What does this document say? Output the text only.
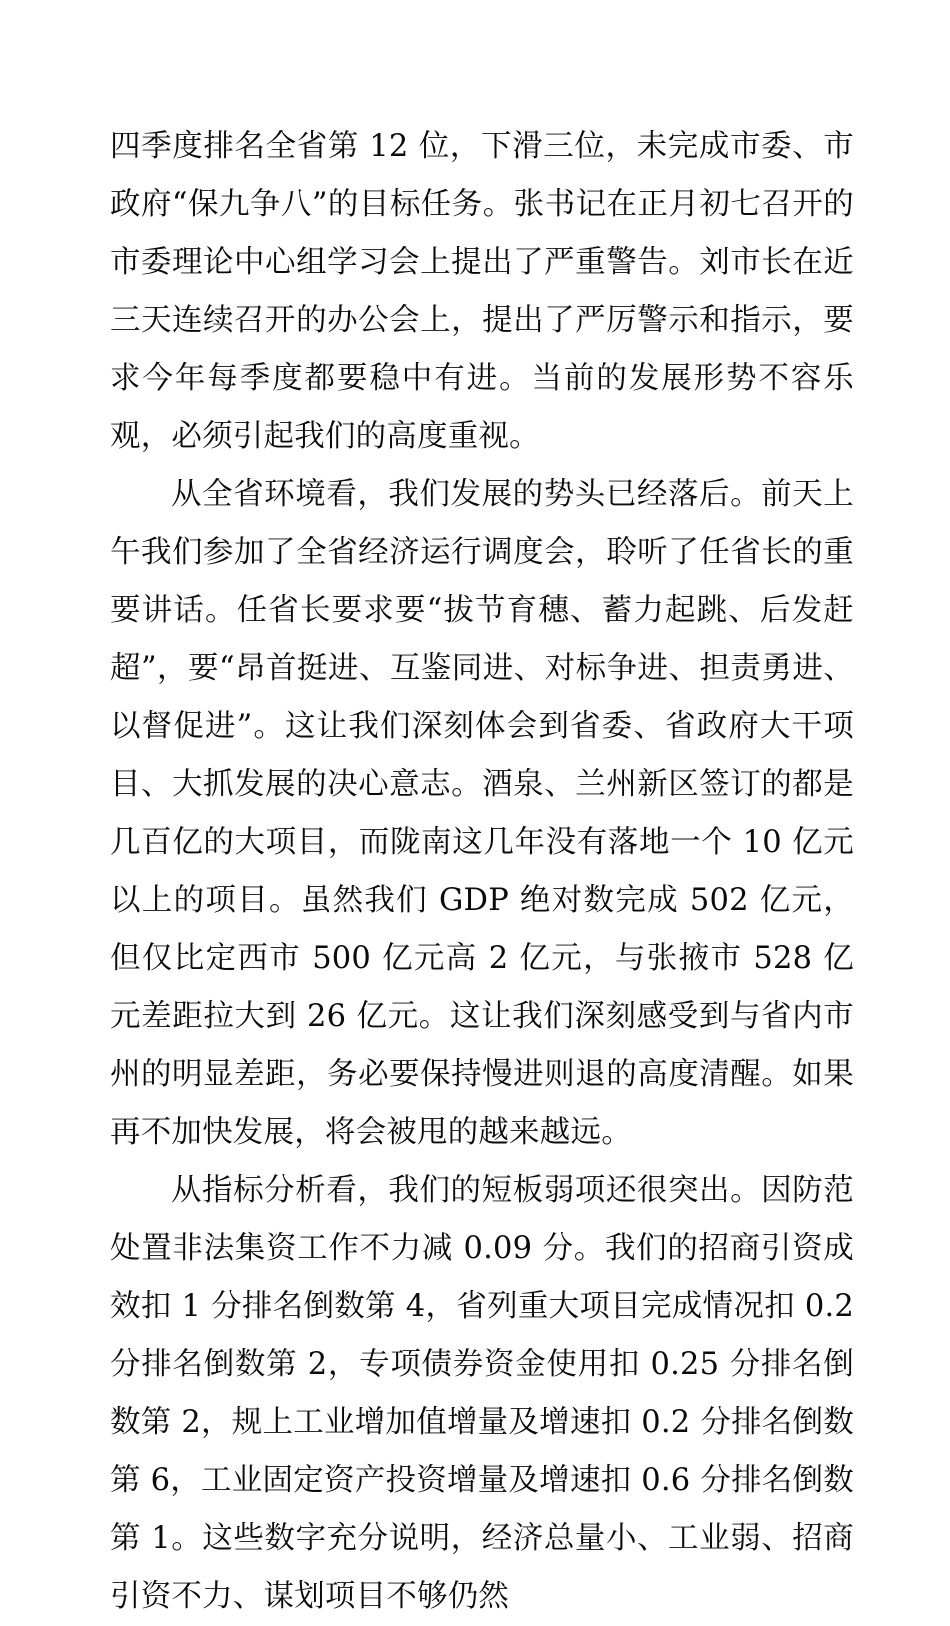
四季度排名全省第 12 位，下滑三位，未完成市委、市政府“保九争八”的目标任务。张书记在正月初七召开的市委理论中心组学习会上提出了严重警告。刘市长在近三天连续召开的办公会上，提出了严厉警示和指示，要求今年每季度都要稳中有进。当前的发展形势不容乐观，必须引起我们的高度重视。

从全省环境看，我们发展的势头已经落后。前天上午我们参加了全省经济运行调度会，聆听了任省长的重要讲话。任省长要求要“拔节育穗、蓄力起跳、后发赶超”，要“昂首挺进、互鉴同进、对标争进、担责勇进、以督促进”。这让我们深刻体会到省委、省政府大干项目、大抓发展的决心意志。酒泉、兰州新区签订的都是几百亿的大项目，而陇南这几年没有落地一个 10 亿元以上的项目。虽然我们 GDP 绝对数完成 502 亿元，但仅比定西市 500 亿元高 2 亿元，与张掖市 528 亿元差距拉大到 26 亿元。这让我们深刻感受到与省内市州的明显差距，务必要保持慢进则退的高度清醒。如果再不加快发展，将会被甩的越来越远。

从指标分析看，我们的短板弱项还很突出。因防范处置非法集资工作不力减 0.09 分。我们的招商引资成效扣 1 分排名倒数第 4，省列重大项目完成情况扣 0.2 分排名倒数第 2，专项债券资金使用扣 0.25 分排名倒数第 2，规上工业增加值增量及增速扣 0.2 分排名倒数第 6，工业固定资产投资增量及增速扣 0.6 分排名倒数第 1。这些数字充分说明，经济总量小、工业弱、招商引资不力、谋划项目不够仍然
